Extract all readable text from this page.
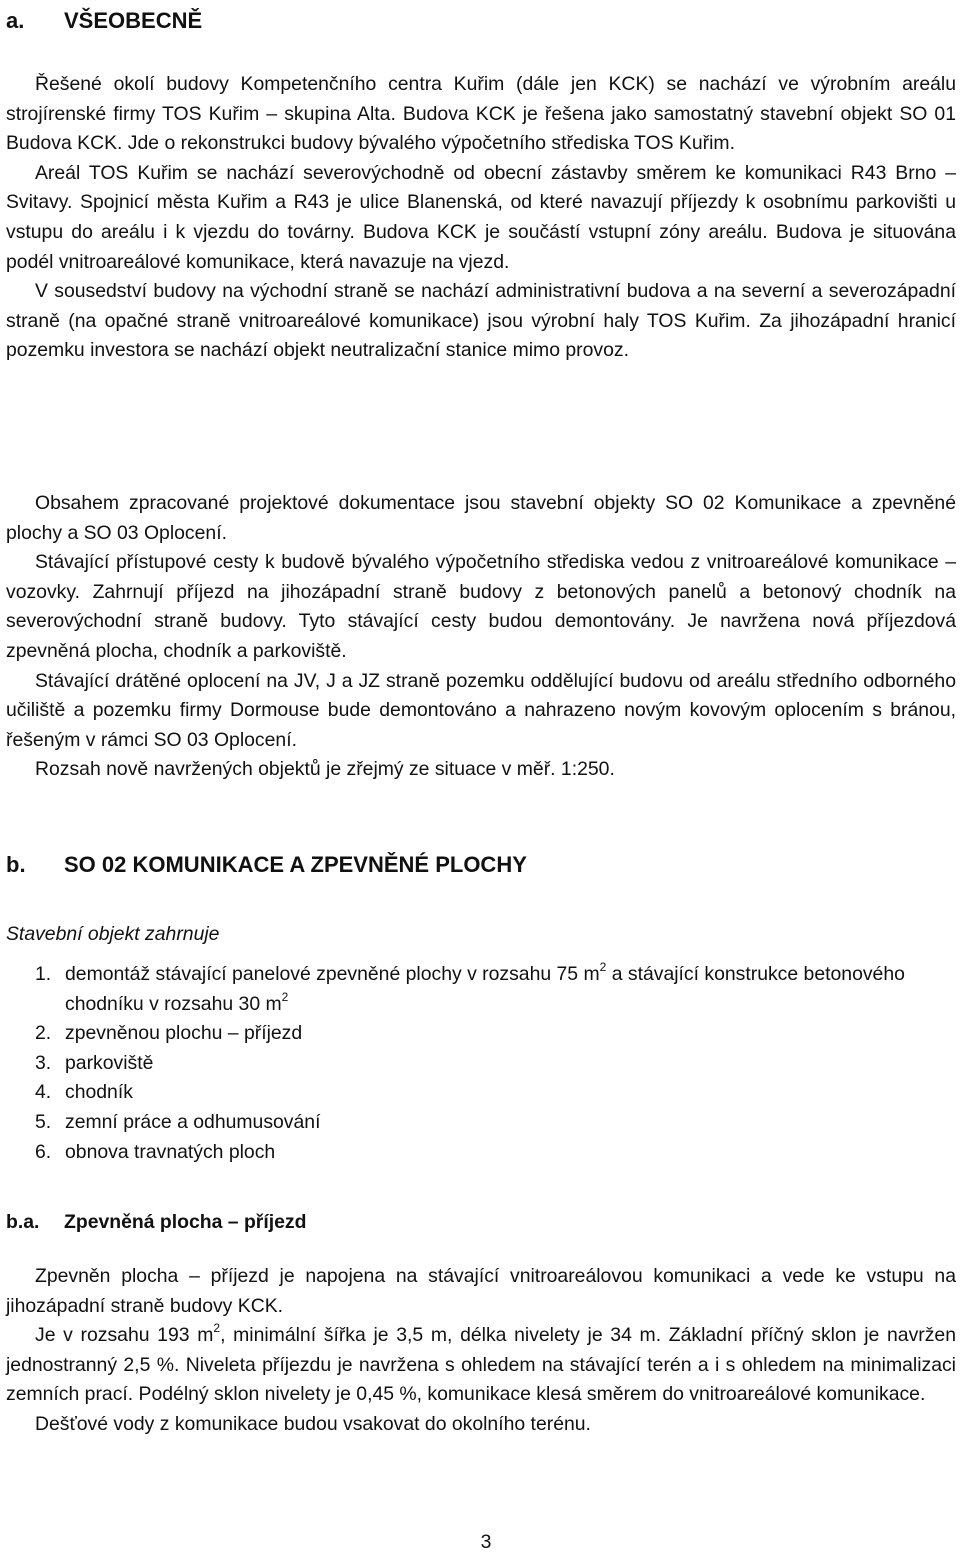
a. VŠEOBECNĚ

Řešené okolí budovy Kompetenčního centra Kuřim (dále jen KCK) se nachází ve výrobním areálu strojírenské firmy TOS Kuřim – skupina Alta. Budova KCK je řešena jako samostatný stavební objekt SO 01 Budova KCK. Jde o rekonstrukci budovy bývalého výpočetního střediska TOS Kuřim.

Areál TOS Kuřim se nachází severovýchodně od obecní zástavby směrem ke komunikaci R43 Brno – Svitavy. Spojnicí města Kuřim a R43 je ulice Blanenská, od které navazují příjezdy k osobnímu parkovišti u vstupu do areálu i k vjezdu do továrny. Budova KCK je součástí vstupní zóny areálu. Budova je situována podél vnitroareálové komunikace, která navazuje na vjezd.

V sousedství budovy na východní straně se nachází administrativní budova a na severní a severozápadní straně (na opačné straně vnitroareálové komunikace) jsou výrobní haly TOS Kuřim. Za jihozápadní hranicí pozemku investora se nachází objekt neutralizační stanice mimo provoz.

Obsahem zpracované projektové dokumentace jsou stavební objekty SO 02 Komunikace a zpevněné plochy a SO 03 Oplocení.

Stávající přístupové cesty k budově bývalého výpočetního střediska vedou z vnitroareálové komunikace – vozovky. Zahrnují příjezd na jihozápadní straně budovy z betonových panelů a betonový chodník na severovýchodní straně budovy. Tyto stávající cesty budou demontovány. Je navržena nová příjezdová zpevněná plocha, chodník a parkoviště.

Stávající drátěné oplocení na JV, J a JZ straně pozemku oddělující budovu od areálu středního odborného učiliště a pozemku firmy Dormouse bude demontováno a nahrazeno novým kovovým oplocením s bránou, řešeným v rámci SO 03 Oplocení.

Rozsah nově navržených objektů je zřejmý ze situace v měř. 1:250.

b. SO 02 KOMUNIKACE A ZPEVNĚNÉ PLOCHY
Stavební objekt zahrnuje
1. demontáž stávající panelové zpevněné plochy v rozsahu 75 $m^2$ a stávající konstrukce betonového chodníku v rozsahu 30 $m^2$
2. zpevněnou plochu – příjezd
3. parkoviště
4. chodník
5. zemní práce a odhumusování
6. obnova travnatých ploch
b.a. Zpevněná plocha – příjezd

Zpevněn plocha – příjezd je napojena na stávající vnitroareálovou komunikaci a vede ke vstupu na jihozápadní straně budovy KCK.

Je v rozsahu 193 $m^2$, minimální šířka je 3,5 m, délka nivelety je 34 m. Základní příčný sklon je navržen jednostranný 2,5 %. Niveleta příjezdu je navržena s ohledem na stávající terén a i s ohledem na minimalizaci zemních prací. Podélný sklon nivelety je 0,45 %, komunikace klesá směrem do vnitroareálové komunikace.

Dešťové vody z komunikace budou vsakovat do okolního terénu.

3
